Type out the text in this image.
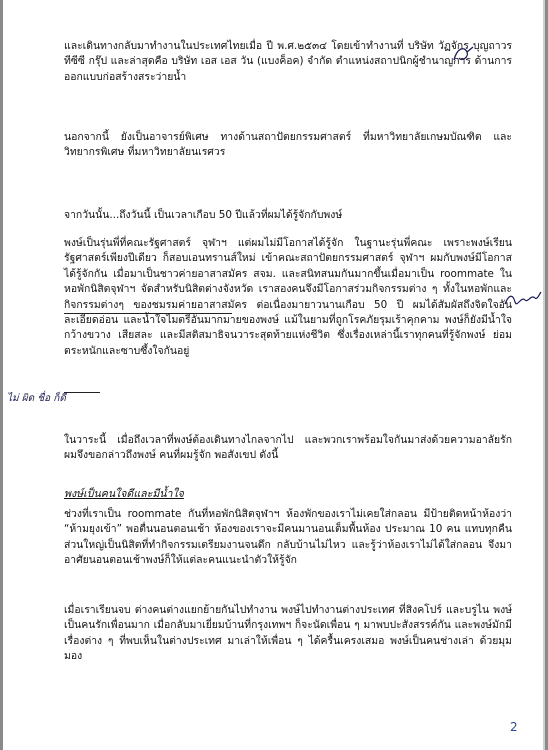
และเดินทางกลับมาทำงานในประเทศไทยเมื่อ ปี พ.ศ.๒๕๓๔ โดยเข้าทำงานที่ บริษัท วัฏจักร บุญถาวร ทีซีซี กรุ๊ป และล่าสุดคือ บริษัท เอส เอส วัน (แบงค็อค) จำกัด ตำแหน่งสถาปนิกผู้ชำนาญการ ด้านการออกแบบก่อสร้างสระว่ายน้ำ

นอกจากนี้ ยังเป็นอาจารย์พิเศษ ทางด้านสถาปัตยกรรมศาสตร์ ที่มหาวิทยาลัยเกษมบัณฑิต และวิทยากรพิเศษ ที่มหาวิทยาลัยนเรศวร

จากวันนั้น...ถึงวันนี้ เป็นเวลาเกือบ 50 ปีแล้วที่ผมได้รู้จักกับพงษ์

พงษ์เป็นรุ่นพี่ที่คณะรัฐศาสตร์ จุฬาฯ แต่ผมไม่มีโอกาสได้รู้จัก ในฐานะรุ่นพี่คณะ เพราะพงษ์เรียนรัฐศาสตร์เพียงปีเดียว ก็สอบเอนทรานส์ใหม่ เข้าคณะสถาปัตยกรรมศาสตร์ จุฬาฯ ผมกับพงษ์มีโอกาสได้รู้จักกัน เมื่อมาเป็นชาวค่ายอาสาสมัคร สจม. และสนิทสนมกันมากขึ้นเมื่อมาเป็น roommate ในหอพักนิสิตจุฬาฯ จัดสำหรับนิสิตต่างจังหวัด เราสองคนจึงมีโอกาสร่วมกิจกรรมต่าง ๆ ทั้งในหอพักและกิจกรรมต่างๆ ของชมรมค่ายอาสาสมัคร ต่อเนื่องมายาวนานเกือบ 50 ปี ผมได้สัมผัสถึงจิตใจอันละเอียดอ่อน และน้ำใจไมตรีอันมากมายของพงษ์ แม้ในยามที่ถูกโรคภัยรุมเร้าคุกคาม พงษ์ก็ยังมีน้ำใจกว้างขวาง เสียสละ และมีสติสมาธิจนวาระสุดท้ายแห่งชีวิต ซึ่งเรื่องเหล่านี้เราทุกคนที่รู้จักพงษ์ ย่อมตระหนักและซาบซึ้งใจกันอยู่

ในวาระนี้ เมื่อถึงเวลาที่พงษ์ต้องเดินทางไกลจากไป และพวกเราพร้อมใจกันมาส่งด้วยความอาลัยรัก ผมจึงขอกล่าวถึงพงษ์ คนที่ผมรู้จัก พอสังเขป ดังนี้

พงษ์เป็นคนใจดีและมีน้ำใจ

ช่วงที่เราเป็น roommate กันที่หอพักนิสิตจุฬาฯ ห้องพักของเราไม่เคยใส่กลอน มีป้ายติดหน้าห้องว่า “ห้ามยุงเข้า” พอตื่นนอนตอนเช้า ห้องของเราจะมีคนมานอนเต็มพื้นห้อง ประมาณ 10 คน แทบทุกคืน ส่วนใหญ่เป็นนิสิตที่ทำกิจกรรมเตรียมงานจนดึก กลับบ้านไม่ไหว และรู้ว่าห้องเราไม่ได้ใส่กลอน จึงมาอาศัยนอนตอนเช้าพงษ์ก็ให้แต่ละคนแนะนำตัวให้รู้จัก

เมื่อเราเรียนจบ ต่างคนต่างแยกย้ายกันไปทำงาน พงษ์ไปทำงานต่างประเทศ ที่สิงคโปร์ และบรูไน พงษ์เป็นคนรักเพื่อนมาก เมื่อกลับมาเยี่ยมบ้านที่กรุงเทพฯ ก็จะนัดเพื่อน ๆ มาพบปะสังสรรค์กัน และพงษ์มักมีเรื่องต่าง ๆ ที่พบเห็นในต่างประเทศ มาเล่าให้เพื่อน ๆ ได้ครื้นเครงเสมอ พงษ์เป็นคนช่างเล่า ด้วยมุมมอง

ไม่ ผิด ชื่อ ก็ดี
2
